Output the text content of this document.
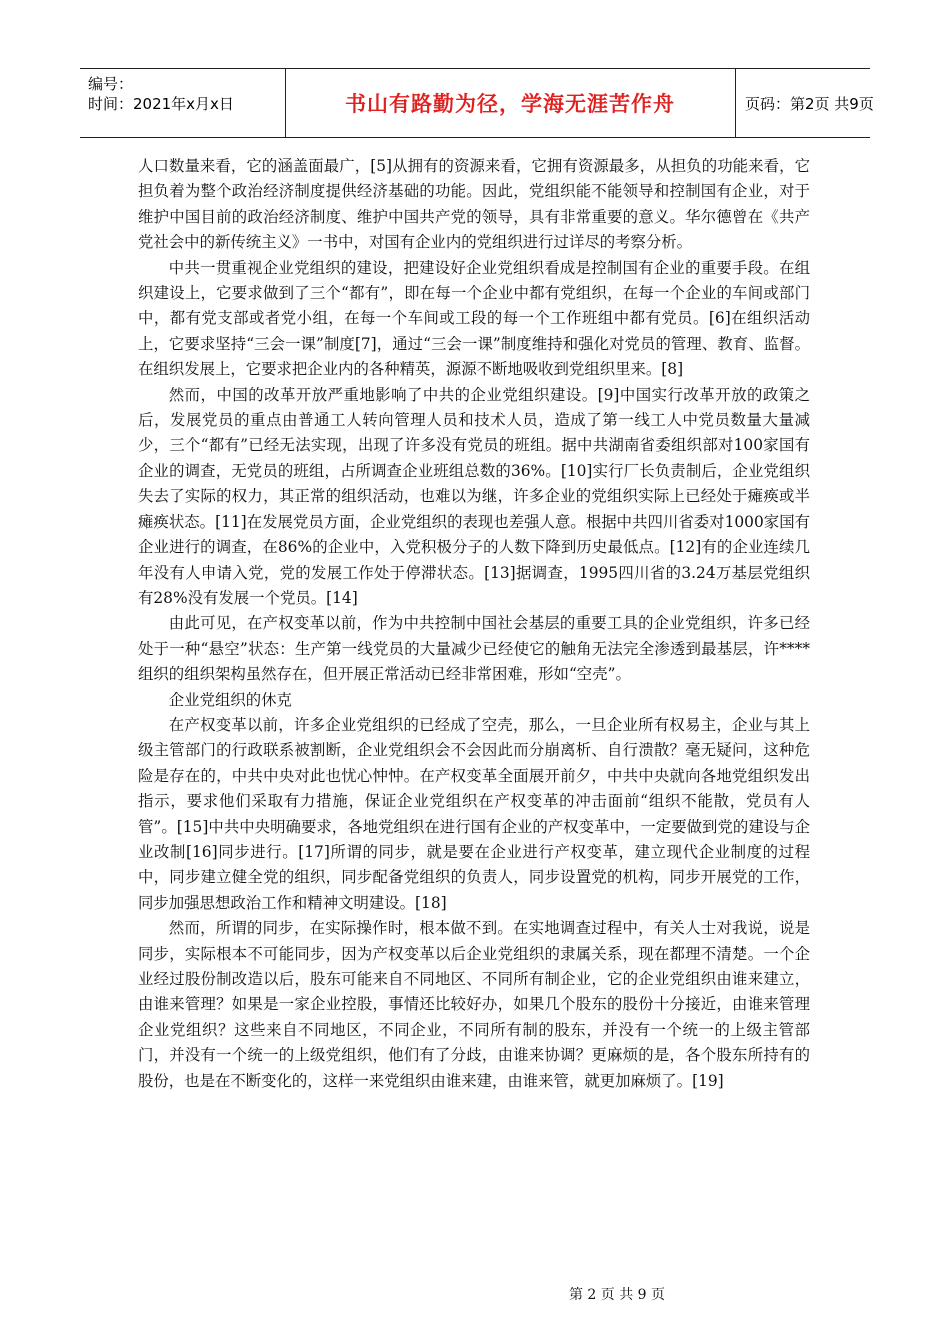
编号：
时间：2021年x月x日	书山有路勤为径，学海无涯苦作舟	页码：第2页 共9页

人口数量来看，它的涵盖面最广，[5]从拥有的资源来看，它拥有资源最多，从担负的功能来看，它担负着为整个政治经济制度提供经济基础的功能。因此，党组织能不能领导和控制国有企业，对于维护中国目前的政治经济制度、维护中国共产党的领导，具有非常重要的意义。华尔德曾在《共产党社会中的新传统主义》一书中，对国有企业内的党组织进行过详尽的考察分析。

中共一贯重视企业党组织的建设，把建设好企业党组织看成是控制国有企业的重要手段。在组织建设上，它要求做到了三个“都有”，即在每一个企业中都有党组织，在每一个企业的车间或部门中，都有党支部或者党小组，在每一个车间或工段的每一个工作班组中都有党员。[6]在组织活动上，它要求坚持“三会一课”制度[7]，通过“三会一课”制度维持和强化对党员的管理、教育、监督。在组织发展上，它要求把企业内的各种精英，源源不断地吸收到党组织里来。[8]

然而，中国的改革开放严重地影响了中共的企业党组织建设。[9]中国实行改革开放的政策之后，发展党员的重点由普通工人转向管理人员和技术人员，造成了第一线工人中党员数量大量减少，三个“都有”已经无法实现，出现了许多没有党员的班组。据中共湖南省委组织部对100家国有企业的调查，无党员的班组，占所调查企业班组总数的36%。[10]实行厂长负责制后，企业党组织失去了实际的权力，其正常的组织活动，也难以为继，许多企业的党组织实际上已经处于瘫痪或半瘫痪状态。[11]在发展党员方面，企业党组织的表现也差强人意。根据中共四川省委对1000家国有企业进行的调查，在86%的企业中，入党积极分子的人数下降到历史最低点。[12]有的企业连续几年没有人申请入党，党的发展工作处于停滞状态。[13]据调查，1995四川省的3.24万基层党组织有28%没有发展一个党员。[14]

由此可见，在产权变革以前，作为中共控制中国社会基层的重要工具的企业党组织，许多已经处于一种“悬空”状态：生产第一线党员的大量减少已经使它的触角无法完全渗透到最基层，许****组织的组织架构虽然存在，但开展正常活动已经非常困难，形如“空壳”。

企业党组织的休克

在产权变革以前，许多企业党组织的已经成了空壳，那么，一旦企业所有权易主，企业与其上级主管部门的行政联系被割断，企业党组织会不会因此而分崩离析、自行溃散？毫无疑问，这种危险是存在的，中共中央对此也忧心忡忡。在产权变革全面展开前夕，中共中央就向各地党组织发出指示，要求他们采取有力措施，保证企业党组织在产权变革的冲击面前“组织不能散，党员有人管”。[15]中共中央明确要求，各地党组织在进行国有企业的产权变革中，一定要做到党的建设与企业改制[16]同步进行。[17]所谓的同步，就是要在企业进行产权变革，建立现代企业制度的过程中，同步建立健全党的组织，同步配备党组织的负责人，同步设置党的机构，同步开展党的工作，同步加强思想政治工作和精神文明建设。[18]

然而，所谓的同步，在实际操作时，根本做不到。在实地调查过程中，有关人士对我说，说是同步，实际根本不可能同步，因为产权变革以后企业党组织的隶属关系，现在都理不清楚。一个企业经过股份制改造以后，股东可能来自不同地区、不同所有制企业，它的企业党组织由谁来建立，由谁来管理？如果是一家企业控股，事情还比较好办，如果几个股东的股份十分接近，由谁来管理企业党组织？这些来自不同地区，不同企业，不同所有制的股东，并没有一个统一的上级主管部门，并没有一个统一的上级党组织，他们有了分歧，由谁来协调？更麻烦的是，各个股东所持有的股份，也是在不断变化的，这样一来党组织由谁来建，由谁来管，就更加麻烦了。[19]

第 2 页 共 9 页
